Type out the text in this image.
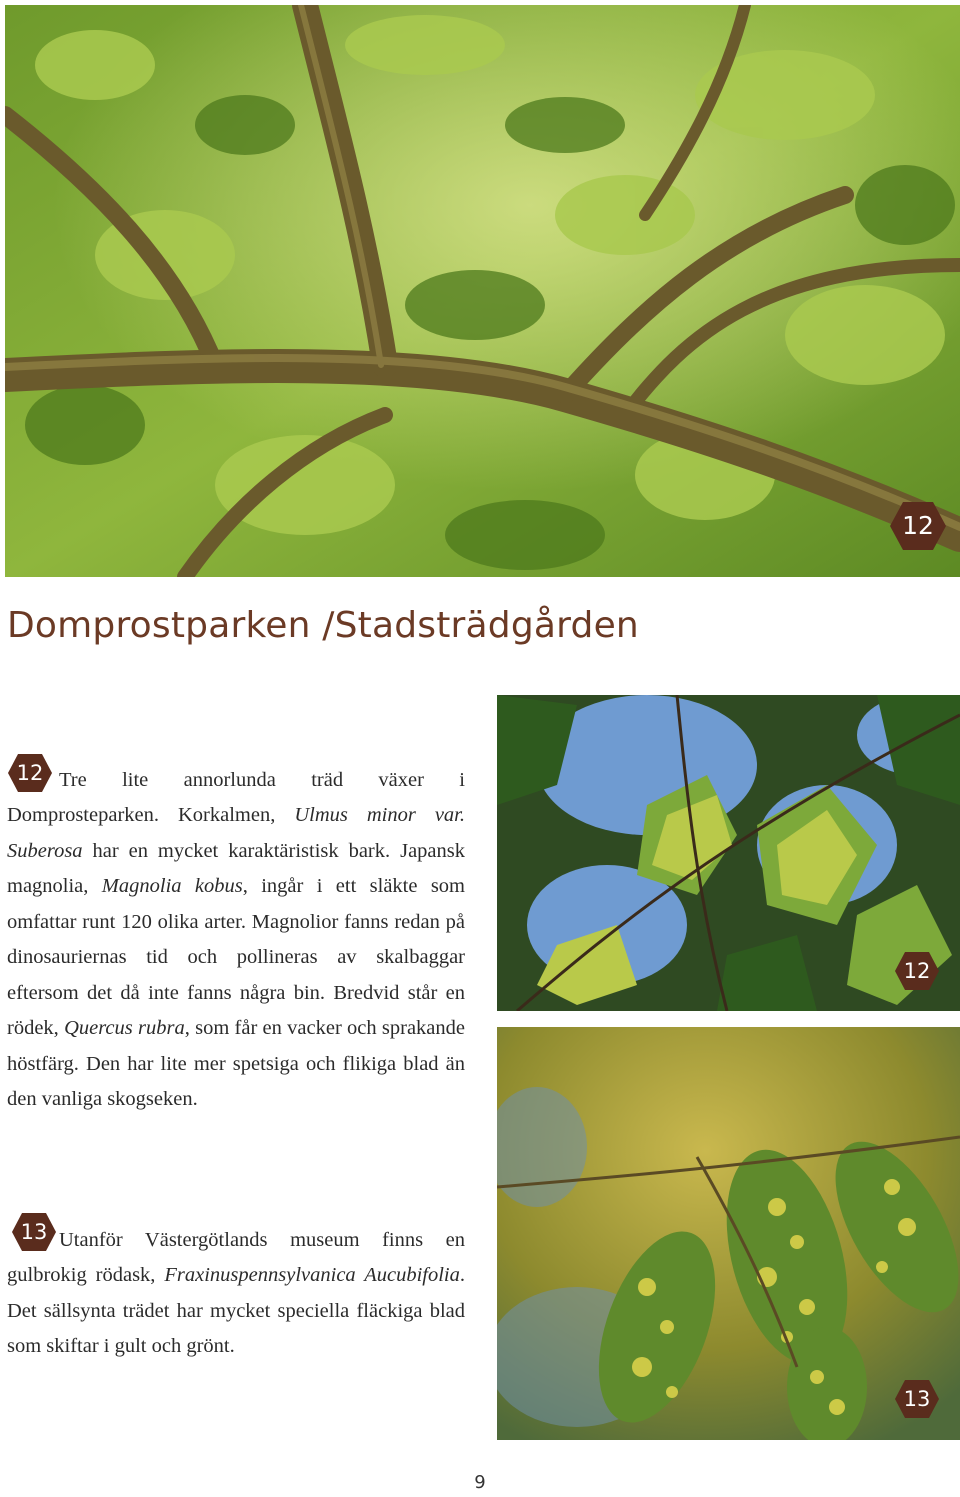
12
Domprostparken /Stadsträdgården
12 Tre lite annorlunda träd växer i Domprosteparken. Korkalmen, Ulmus minor var. Suberosa har en mycket karaktäristisk bark. Japansk magnolia, Magnolia kobus, ingår i ett släkte som omfattar runt 120 olika arter. Magnolior fanns redan på dinosauriernas tid och pollineras av skalbaggar eftersom det då inte fanns några bin. Bredvid står en rödek, Quercus rubra, som får en vacker och sprakande höstfärg. Den har lite mer spetsiga och flikiga blad än den vanliga skogseken.

13 Utanför Västergötlands museum finns en gulbrokig rödask, Fraxinuspennsylvanica Aucubifolia. Det sällsynta trädet har mycket speciella fläckiga blad som skiftar i gult och grönt.

12
13
9
